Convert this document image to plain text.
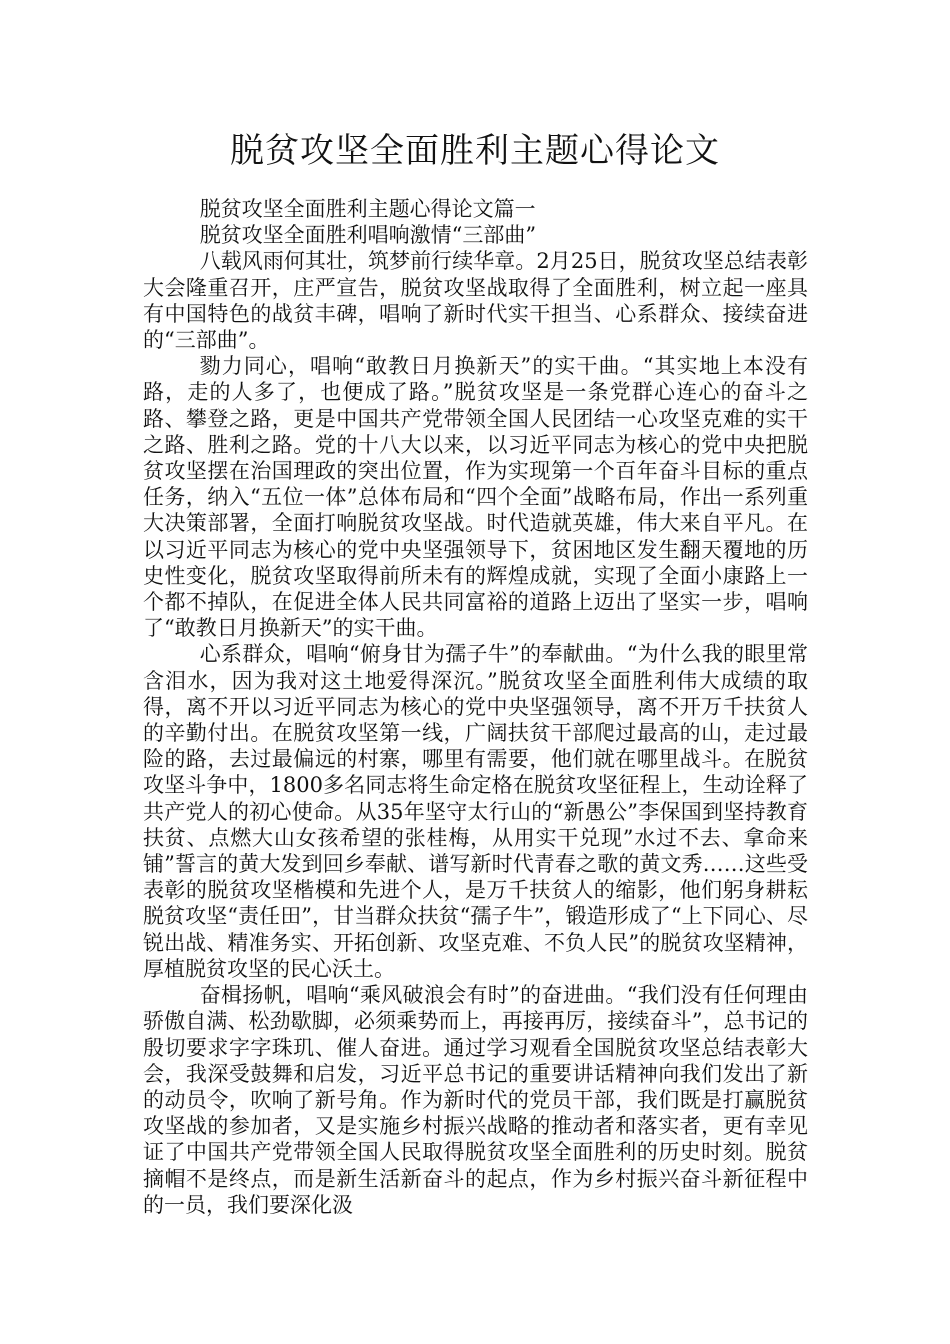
脱贫攻坚全面胜利主题心得论文

脱贫攻坚全面胜利主题心得论文篇一

脱贫攻坚全面胜利唱响激情“三部曲”

八载风雨何其壮，筑梦前行续华章。2月25日，脱贫攻坚总结表彰大会隆重召开，庄严宣告，脱贫攻坚战取得了全面胜利，树立起一座具有中国特色的战贫丰碑，唱响了新时代实干担当、心系群众、接续奋进的“三部曲”。

勠力同心，唱响“敢教日月换新天”的实干曲。“其实地上本没有路，走的人多了，也便成了路。”脱贫攻坚是一条党群心连心的奋斗之路、攀登之路，更是中国共产党带领全国人民团结一心攻坚克难的实干之路、胜利之路。党的十八大以来，以习近平同志为核心的党中央把脱贫攻坚摆在治国理政的突出位置，作为实现第一个百年奋斗目标的重点任务，纳入“五位一体”总体布局和“四个全面”战略布局，作出一系列重大决策部署，全面打响脱贫攻坚战。时代造就英雄，伟大来自平凡。在以习近平同志为核心的党中央坚强领导下，贫困地区发生翻天覆地的历史性变化，脱贫攻坚取得前所未有的辉煌成就，实现了全面小康路上一个都不掉队，在促进全体人民共同富裕的道路上迈出了坚实一步，唱响了“敢教日月换新天”的实干曲。

心系群众，唱响“俯身甘为孺子牛”的奉献曲。“为什么我的眼里常含泪水，因为我对这土地爱得深沉。”脱贫攻坚全面胜利伟大成绩的取得，离不开以习近平同志为核心的党中央坚强领导，离不开万千扶贫人的辛勤付出。在脱贫攻坚第一线，广阔扶贫干部爬过最高的山，走过最险的路，去过最偏远的村寨，哪里有需要，他们就在哪里战斗。在脱贫攻坚斗争中，1800多名同志将生命定格在脱贫攻坚征程上，生动诠释了共产党人的初心使命。从35年坚守太行山的“新愚公”李保国到坚持教育扶贫、点燃大山女孩希望的张桂梅，从用实干兑现”水过不去、拿命来铺”誓言的黄大发到回乡奉献、谱写新时代青春之歌的黄文秀……这些受表彰的脱贫攻坚楷模和先进个人，是万千扶贫人的缩影，他们躬身耕耘脱贫攻坚“责任田”，甘当群众扶贫“孺子牛”，锻造形成了“上下同心、尽锐出战、精准务实、开拓创新、攻坚克难、不负人民”的脱贫攻坚精神，厚植脱贫攻坚的民心沃土。

奋楫扬帆，唱响“乘风破浪会有时”的奋进曲。“我们没有任何理由骄傲自满、松劲歇脚，必须乘势而上，再接再厉，接续奋斗”，总书记的殷切要求字字珠玑、催人奋进。通过学习观看全国脱贫攻坚总结表彰大会，我深受鼓舞和启发，习近平总书记的重要讲话精神向我们发出了新的动员令，吹响了新号角。作为新时代的党员干部，我们既是打赢脱贫攻坚战的参加者，又是实施乡村振兴战略的推动者和落实者，更有幸见证了中国共产党带领全国人民取得脱贫攻坚全面胜利的历史时刻。脱贫摘帽不是终点，而是新生活新奋斗的起点，作为乡村振兴奋斗新征程中的一员，我们要深化汲
